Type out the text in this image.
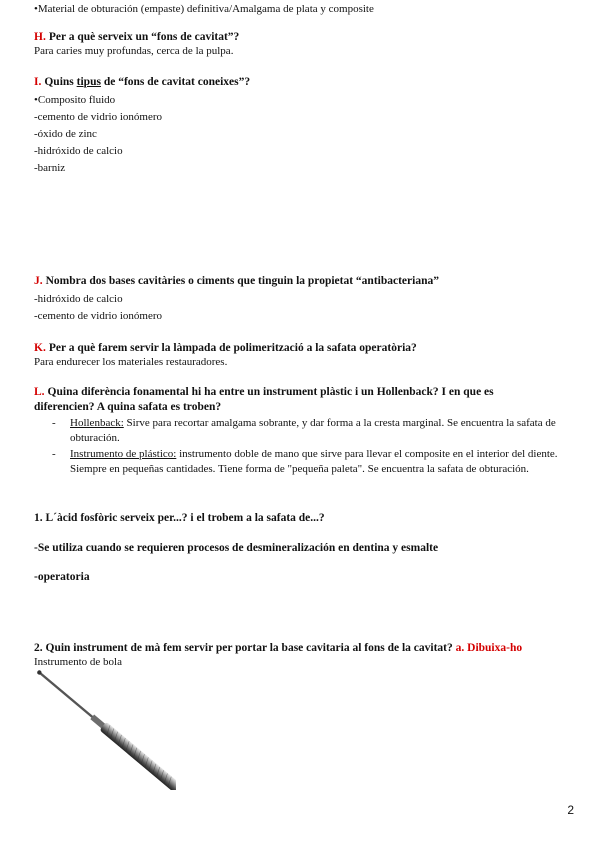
•Material de obturación (empaste) definitiva/Amalgama de plata y composite
H. Per a què serveix un “fons de cavitat”?
Para caries muy profundas, cerca de la pulpa.
I. Quins tipus de “fons de cavitat coneixes”?
•Composito fluido
-cemento de vidrio ionómero
-óxido de zinc
-hidróxido de calcio
-barniz
J. Nombra dos bases cavitàries o ciments que tinguin la propietat “antibacteriana”
-hidróxido de calcio
-cemento de vidrio ionómero
K. Per a què farem servir la làmpada de polimerització a la safata operatòria?
Para endurecer los materiales restauradores.
L. Quina diferència fonamental hi ha entre un instrument plàstic i un Hollenback? I en que es
diferencien? A quina safata es troben?
- Hollenback: Sirve para recortar amalgama sobrante, y dar forma a la cresta marginal. Se encuentra la safata de obturación.
- Instrumento de plástico: instrumento doble de mano que sirve para llevar el composite en el interior del diente. Siempre en pequeñas cantidades. Tiene forma de "pequeña paleta". Se encuentra la safata de obturación.
1. L´àcid fosfòric serveix per...? i el trobem a la safata de...?
-Se utiliza cuando se requieren procesos de desmineralización en dentina y esmalte
-operatoria
2. Quin instrument de mà fem servir per portar la base cavitaria al fons de la cavitat? a. Dibuixa-ho
Instrumento de bola
2
